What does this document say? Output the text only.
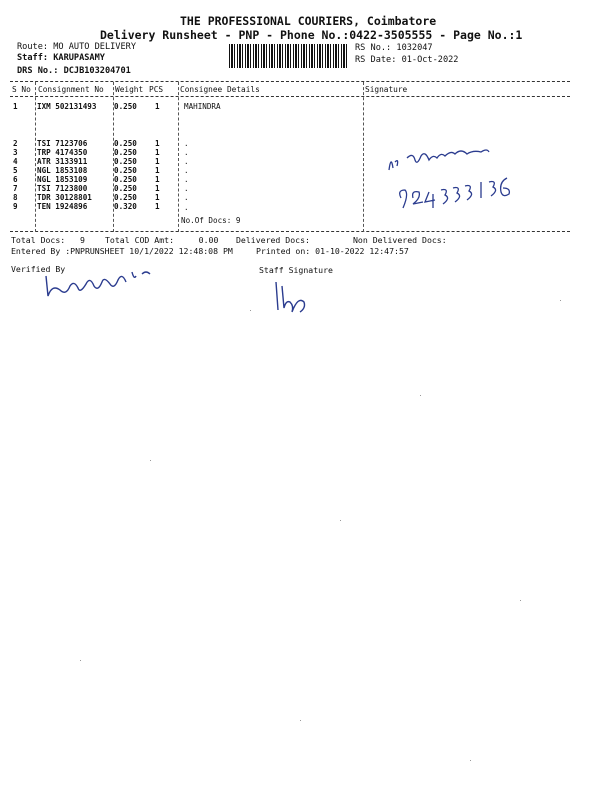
THE PROFESSIONAL COURIERS, Coimbatore
Delivery Runsheet - PNP - Phone No.:0422-3505555 - Page No.:1
Route: MO AUTO DELIVERY
Staff: KARUPASAMY
DRS No.: DCJB103204701
RS No.: 1032047
RS Date: 01-Oct-2022
S No Consignment No Weight PCS Consignee Details	Signature
1	IXM 502131493 0.250 1	MAHINDRA
2	TSI 7123706	0.250 1	.
3	TRP 4174350	0.250 1	.
4	ATR 3133911	0.250 1	.
5	NGL 1853108	0.250 1	.
6	NGL 1853109	0.250 1	.
7	TSI 7123800	0.250 1	.
8	TDR 30128801	0.250 1	.
9	TEN 1924896	0.320 1	.
No.Of Docs: 9
Total Docs:   9 Total COD Amt:     0.00 Delivered Docs:	Non Delivered Docs:
Entered By :PNPRUNSHEET 10/1/2022 12:48:08 PM	Printed on: 01-10-2022 12:47:57
Verified By	Staff Signature
